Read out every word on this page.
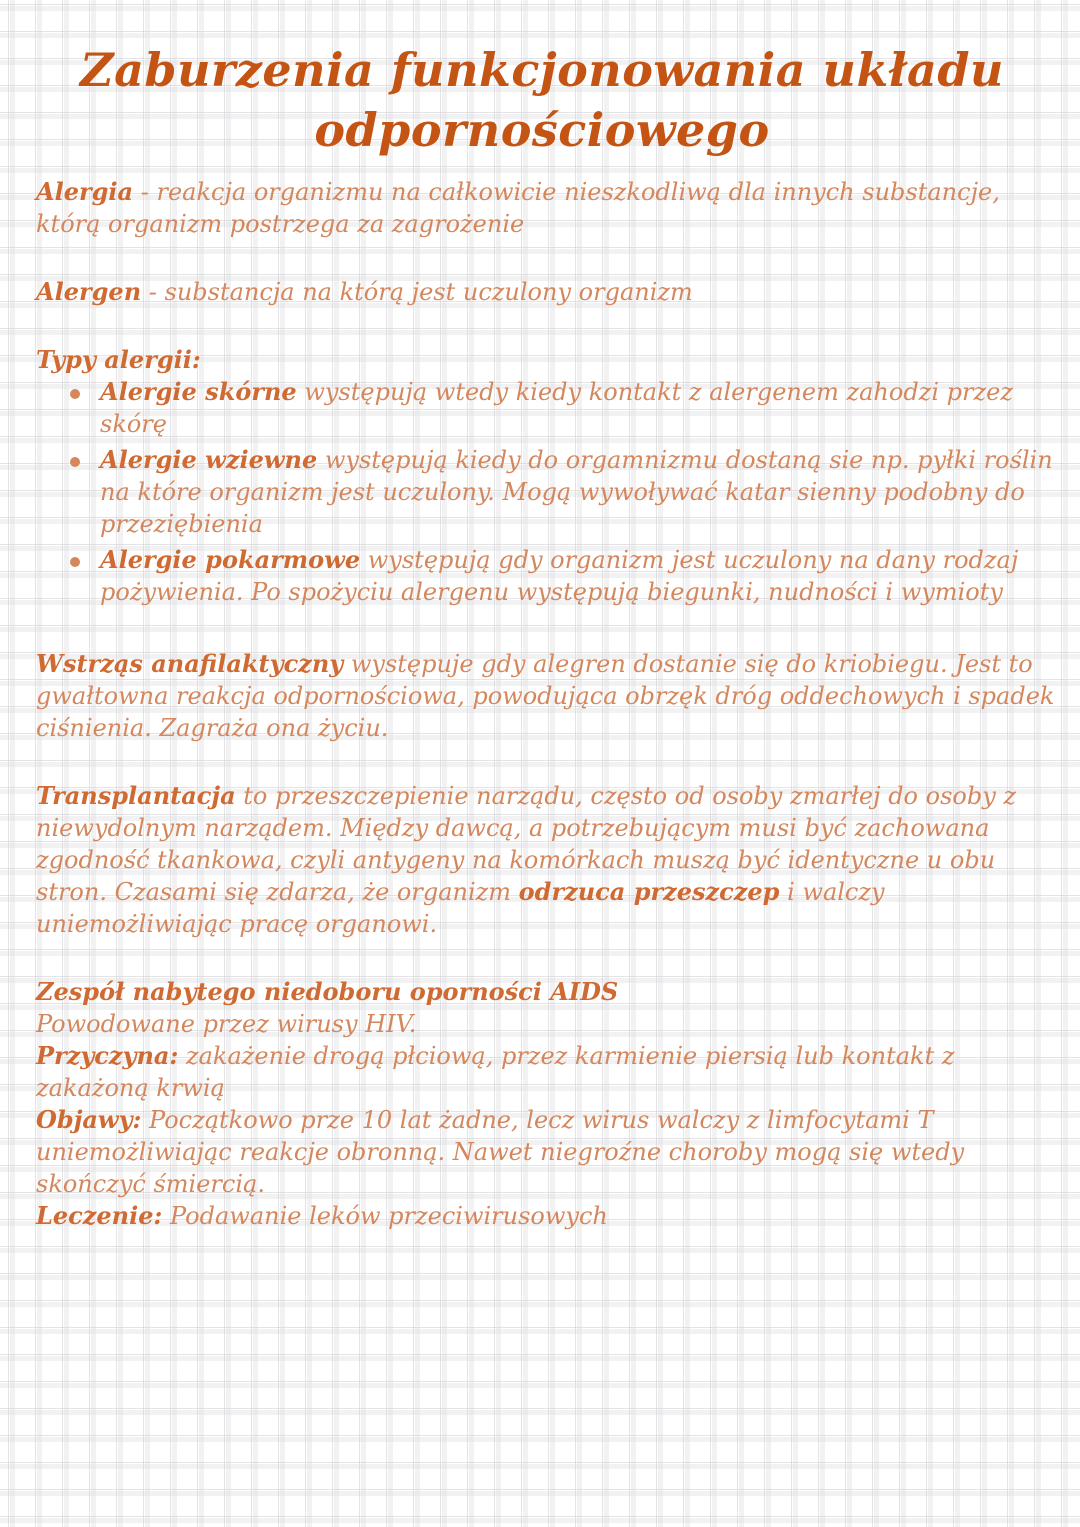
Zaburzenia funkcjonowania układu
odpornościowego

Alergia - reakcja organizmu na całkowicie nieszkodliwą dla innych substancje, którą organizm postrzega za zagrożenie

Alergen - substancja na którą jest uczulony organizm

Typy alergii:

Alergie skórne występują wtedy kiedy kontakt z alergenem zahodzi przez skórę
Alergie wziewne występują kiedy do orgamnizmu dostaną sie np. pyłki roślin na które organizm jest uczulony. Mogą wywoływać katar sienny podobny do przeziębienia
Alergie pokarmowe występują gdy organizm jest uczulony na dany rodzaj pożywienia. Po spożyciu alergenu występują biegunki, nudności i wymioty

Wstrząs anafilaktyczny występuje gdy alegren dostanie się do kriobiegu. Jest to gwałtowna reakcja odpornościowa, powodująca obrzęk dróg oddechowych i spadek ciśnienia. Zagraża ona życiu.

Transplantacja to przeszczepienie narządu, często od osoby zmarłej do osoby z niewydolnym narządem. Między dawcą, a potrzebującym musi być zachowana zgodność tkankowa, czyli antygeny na komórkach muszą być identyczne u obu stron. Czasami się zdarza, że organizm odrzuca przeszczep i walczy uniemożliwiając pracę organowi.

Zespół nabytego niedoboru oporności AIDS

Powodowane przez wirusy HIV.

Przyczyna: zakażenie drogą płciową, przez karmienie piersią lub kontakt z zakażoną krwią

Objawy: Początkowo prze 10 lat żadne, lecz wirus walczy z limfocytami T uniemożliwiając reakcje obronną. Nawet niegroźne choroby mogą się wtedy skończyć śmiercią.

Leczenie: Podawanie leków przeciwirusowych
